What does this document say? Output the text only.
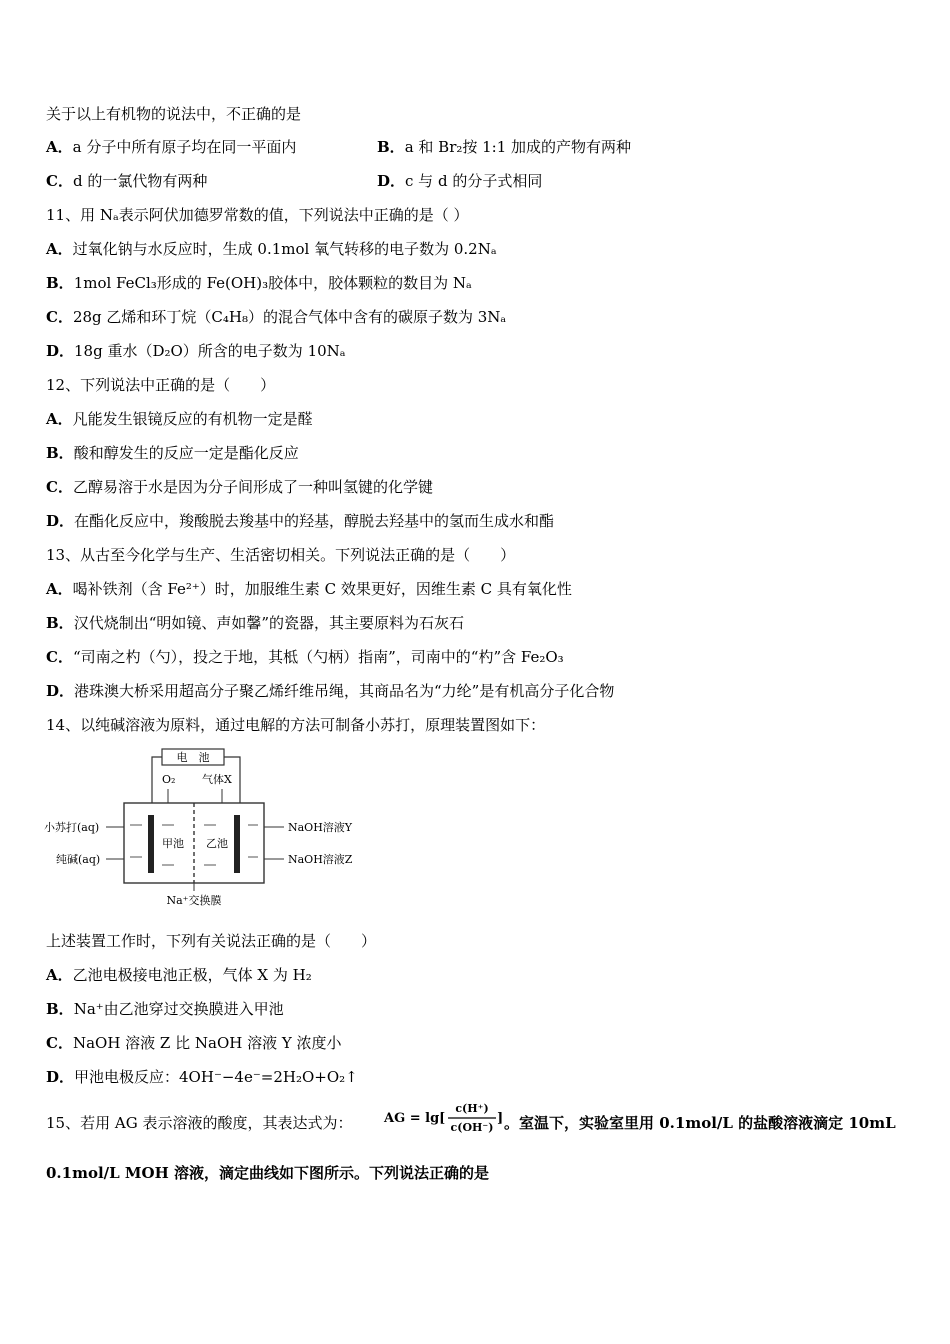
关于以上有机物的说法中，不正确的是
A．a 分子中所有原子均在同一平面内	B．a 和 Br₂按 1:1 加成的产物有两种
C．d 的一氯代物有两种	D．c 与 d 的分子式相同
11、用 Nₐ表示阿伏加德罗常数的值，下列说法中正确的是（ ）
A．过氧化钠与水反应时，生成 0.1mol 氧气转移的电子数为 0.2Nₐ
B．1mol FeCl₃形成的 Fe(OH)₃胶体中，胶体颗粒的数目为 Nₐ
C．28g 乙烯和环丁烷（C₄H₈）的混合气体中含有的碳原子数为 3Nₐ
D．18g 重水（D₂O）所含的电子数为 10Nₐ
12、下列说法中正确的是（　　）
A．凡能发生银镜反应的有机物一定是醛
B．酸和醇发生的反应一定是酯化反应
C．乙醇易溶于水是因为分子间形成了一种叫氢键的化学键
D．在酯化反应中，羧酸脱去羧基中的羟基，醇脱去羟基中的氢而生成水和酯
13、从古至今化学与生产、生活密切相关。下列说法正确的是（　　）
A．喝补铁剂（含 Fe²⁺）时，加服维生素 C 效果更好，因维生素 C 具有氧化性
B．汉代烧制出“明如镜、声如馨”的瓷器，其主要原料为石灰石
C．“司南之杓（勺），投之于地，其柢（勺柄）指南”，司南中的“杓”含 Fe₂O₃
D．港珠澳大桥采用超高分子聚乙烯纤维吊绳，其商品名为“力纶”是有机高分子化合物
14、以纯碱溶液为原料，通过电解的方法可制备小苏打，原理装置图如下：
电　池
O₂ 气体X
甲池 乙池
小苏打(aq)
纯碱(aq)
NaOH溶液Y
NaOH溶液Z
Na⁺交换膜
上述装置工作时，下列有关说法正确的是（　　）
A．乙池电极接电池正极，气体 X 为 H₂
B．Na⁺由乙池穿过交换膜进入甲池
C．NaOH 溶液 Z 比 NaOH 溶液 Y 浓度小
D．甲池电极反应：4OH⁻−4e⁻=2H₂O+O₂↑
15、若用 AG 表示溶液的酸度，其表达式为： AG = lg[
c(H⁺)
c(OH⁻)
] 。室温下，实验室里用 0.1mol/L 的盐酸溶液滴定 10mL
0.1mol/L MOH 溶液，滴定曲线如下图所示。下列说法正确的是
